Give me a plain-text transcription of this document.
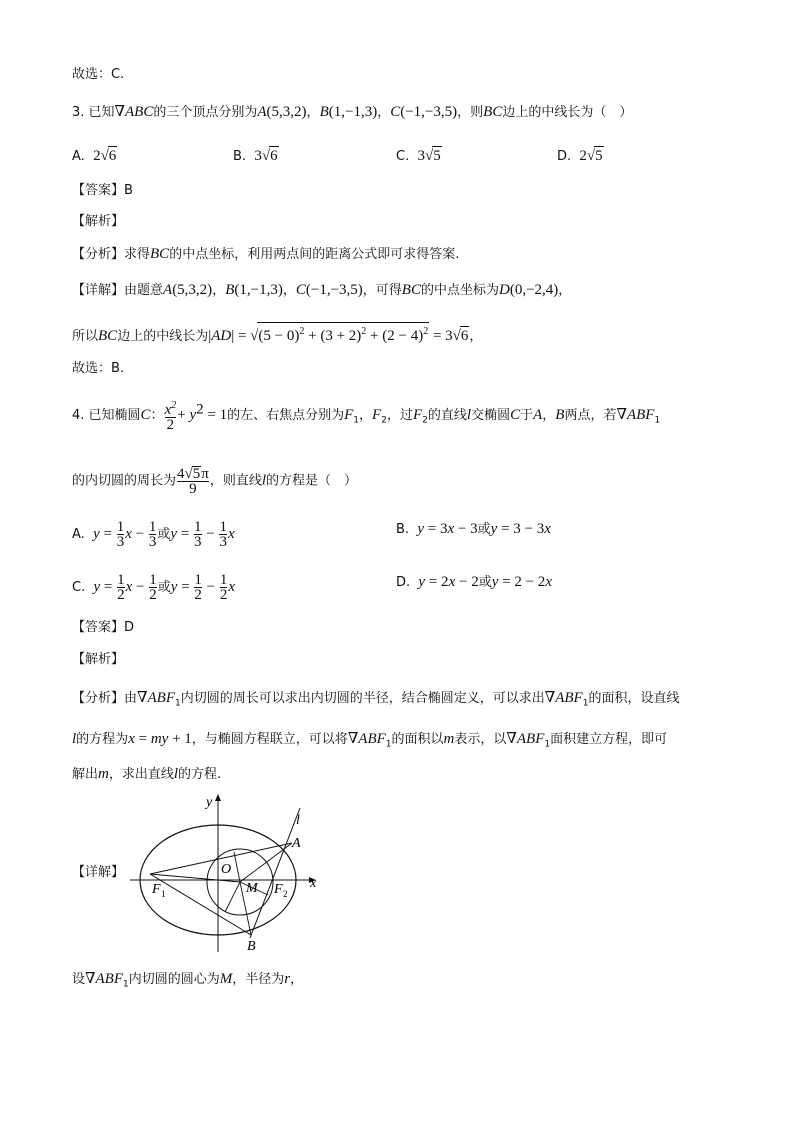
故选：C.
3. 已知∇ABC的三个顶点分别为A(5,3,2)，B(1,−1,3)，C(−1,−3,5)，则BC边上的中线长为（　）
A.  2√6	B.  3√6	C.  3√5	D.  2√5
【答案】B
【解析】
【分析】求得BC的中点坐标，利用两点间的距离公式即可求得答案.
【详解】由题意A(5,3,2)，B(1,−1,3)，C(−1,−3,5)，可得BC的中点坐标为D(0,−2,4)，
所以BC边上的中线长为$|AD| = √(5 - 0)^2 + (3 + 2)^2 + (2 - 4)^2 = 3√6$，
故选：B.
4. 已知椭圆C： $\frac{x^2}{2} + y^2 = 1$的左、右焦点分别为$F_1$，$F_2$，过$F_2$的直线l交椭圆C于A，B两点，若$\nabla ABF_1$
的内切圆的周长为 $\frac{4√5\pi}{9}$ ，则直线l的方程是（　）
A.  $y = \frac{1}{3}$ $x - \frac{1}{3}$ 或$y = \frac{1}{3} - \frac{1}{3}$ x	B.  y = 3x − 3或y = 3 − 3x
C.  $y = \frac{1}{2}$ $x - \frac{1}{2}$ 或$y = \frac{1}{2} - \frac{1}{2}$ x	D.  y = 2x − 2或y = 2 − 2x
【答案】D
【解析】
【分析】由$\nabla ABF_1$内切圆的周长可以求出内切圆的半径，结合椭圆定义，可以求出$\nabla ABF_1$的面积，设直线
l的方程为x = my + 1，与椭圆方程联立，可以将$\nabla ABF_1$的面积以m表示，以$\nabla ABF_1$面积建立方程，即可
解出m，求出直线l的方程.
【详解】
y
x
l
A
B
O
M
F 1	F 2
设$\nabla ABF_1$内切圆的圆心为M，半径为r，
